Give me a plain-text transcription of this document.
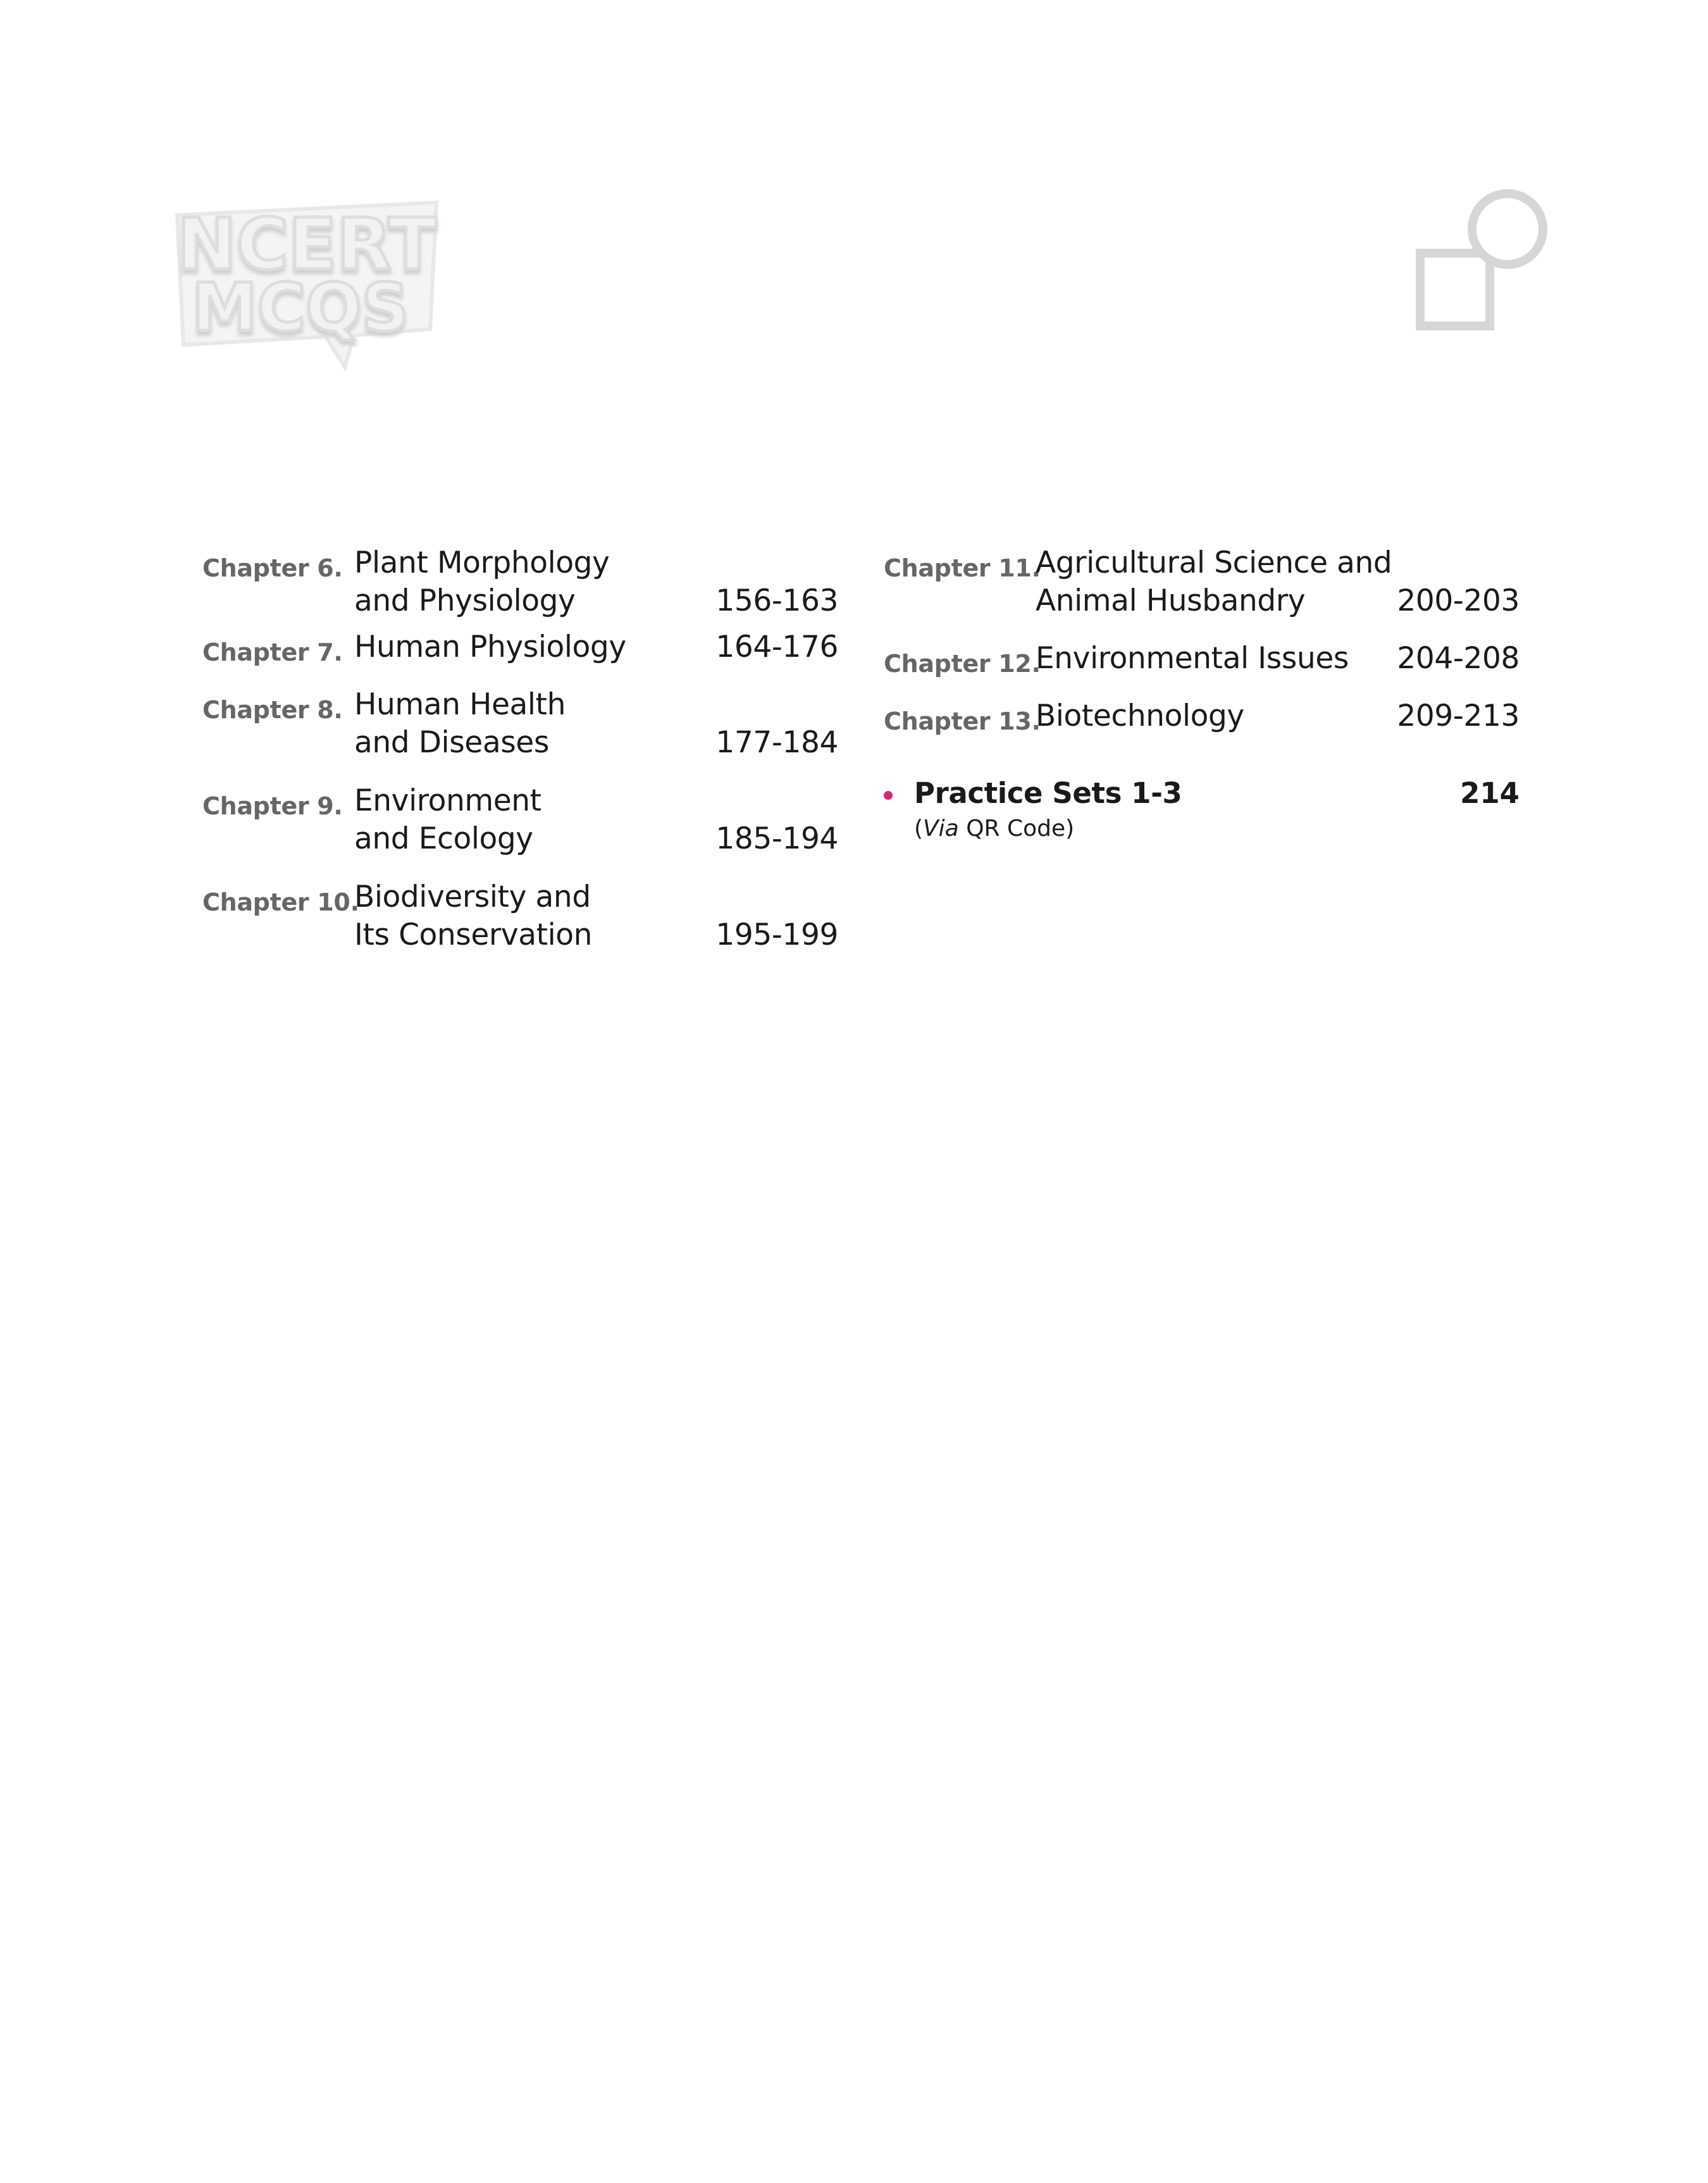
NCERT
MCQS
Chapter 6. Plant Morphology
and Physiology	156-163
Chapter 7. Human Physiology	164-176
Chapter 8. Human Health
and Diseases	177-184
Chapter 9. Environment
and Ecology	185-194
Chapter 10.
Biodiversity and
Its Conservation	195-199
Chapter 11.
Agricultural Science and
Animal Husbandry	200-203
Chapter 12.
Environmental Issues 204-208
Chapter 13.
Biotechnology	209-213
Practice Sets 1-3	214
(Via QR Code)
